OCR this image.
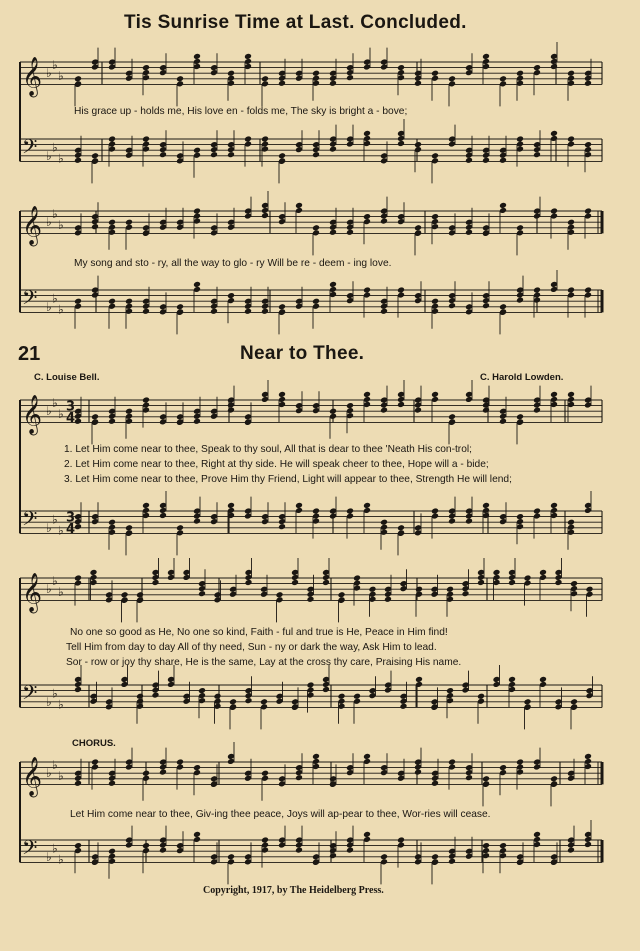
𝄞 ♭
♭
♭
𝄢 ♭
♭
♭
𝄞 ♭
♭
♭
𝄢 ♭
♭
♭
𝄞 ♭
♭
♭ 3
4
𝄢 ♭
♭
♭
3
4
𝄞 ♭
♭
♭
𝄢 ♭
♭
♭
𝄞 ♭
♭
♭
𝄢 ♭
♭
♭
Tis Sunrise Time at Last. Concluded.
His grace up - holds me, His love en - folds me, The sky is bright a - bove;
My song and sto - ry, all the way to glo - ry Will be re - deem - ing love.
21	Near to Thee.
C. Louise Bell.	C. Harold Lowden.
1. Let Him come near to thee, Speak to thy soul, All that is dear to thee 'Neath His con-trol;
2. Let Him come near to thee, Right at thy side. He will speak cheer to thee, Hope will a - bide;
3. Let Him come near to thee, Prove Him thy Friend, Light will appear to thee, Strength He will lend;
No one so good as He, No one so kind, Faith - ful and true is He, Peace in Him find!
Tell Him from day to day All of thy need, Sun - ny or dark the way, Ask Him to lead.
Sor - row or joy thy share, He is the same, Lay at the cross thy care, Praising His name.
CHORUS.
Let Him come near to thee, Giv-ing thee peace, Joys will ap-pear to thee, Wor-ries will cease.
Copyright, 1917, by The Heidelberg Press.
